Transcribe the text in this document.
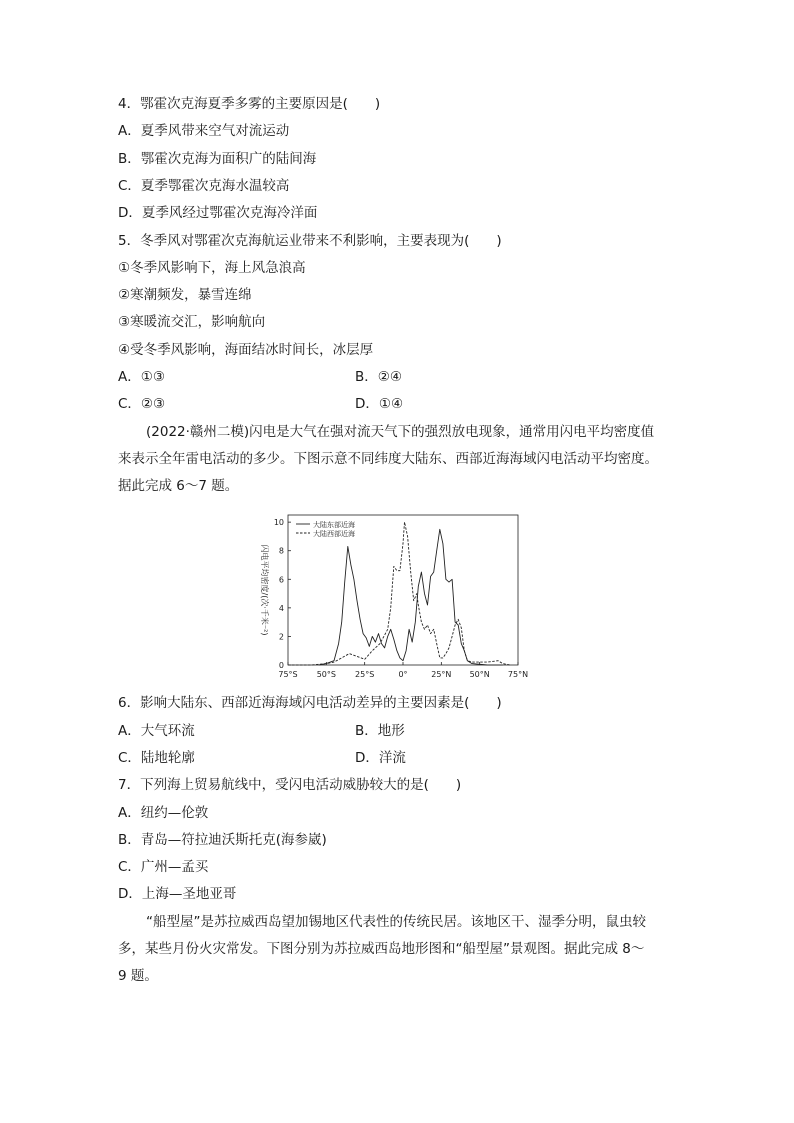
4．鄂霍次克海夏季多雾的主要原因是(　　)
A．夏季风带来空气对流运动
B．鄂霍次克海为面积广的陆间海
C．夏季鄂霍次克海水温较高
D．夏季风经过鄂霍次克海冷洋面
5．冬季风对鄂霍次克海航运业带来不利影响，主要表现为(　　)
①冬季风影响下，海上风急浪高
②寒潮频发，暴雪连绵
③寒暖流交汇，影响航向
④受冬季风影响，海面结冰时间长，冰层厚
A．①③	B．②④
C．②③	D．①④
(2022·赣州二模)闪电是大气在强对流天气下的强烈放电现象，通常用闪电平均密度值
来表示全年雷电活动的多少。下图示意不同纬度大陆东、西部近海海域闪电活动平均密度。
据此完成 6～7 题。
闪电平均密度/(次·千米⁻²)
0
2
4
6
8
10
75°S 50°S 25°S	0°	25°N 50°N 75°N
大陆东部近海
大陆西部近海
6．影响大陆东、西部近海海域闪电活动差异的主要因素是(　　)
A．大气环流	B．地形
C．陆地轮廓	D．洋流
7．下列海上贸易航线中，受闪电活动威胁较大的是(　　)
A．纽约—伦敦
B．青岛—符拉迪沃斯托克(海参崴)
C．广州—孟买
D．上海—圣地亚哥
“船型屋”是苏拉威西岛望加锡地区代表性的传统民居。该地区干、湿季分明，鼠虫较
多，某些月份火灾常发。下图分别为苏拉威西岛地形图和“船型屋”景观图。据此完成 8～
9 题。
